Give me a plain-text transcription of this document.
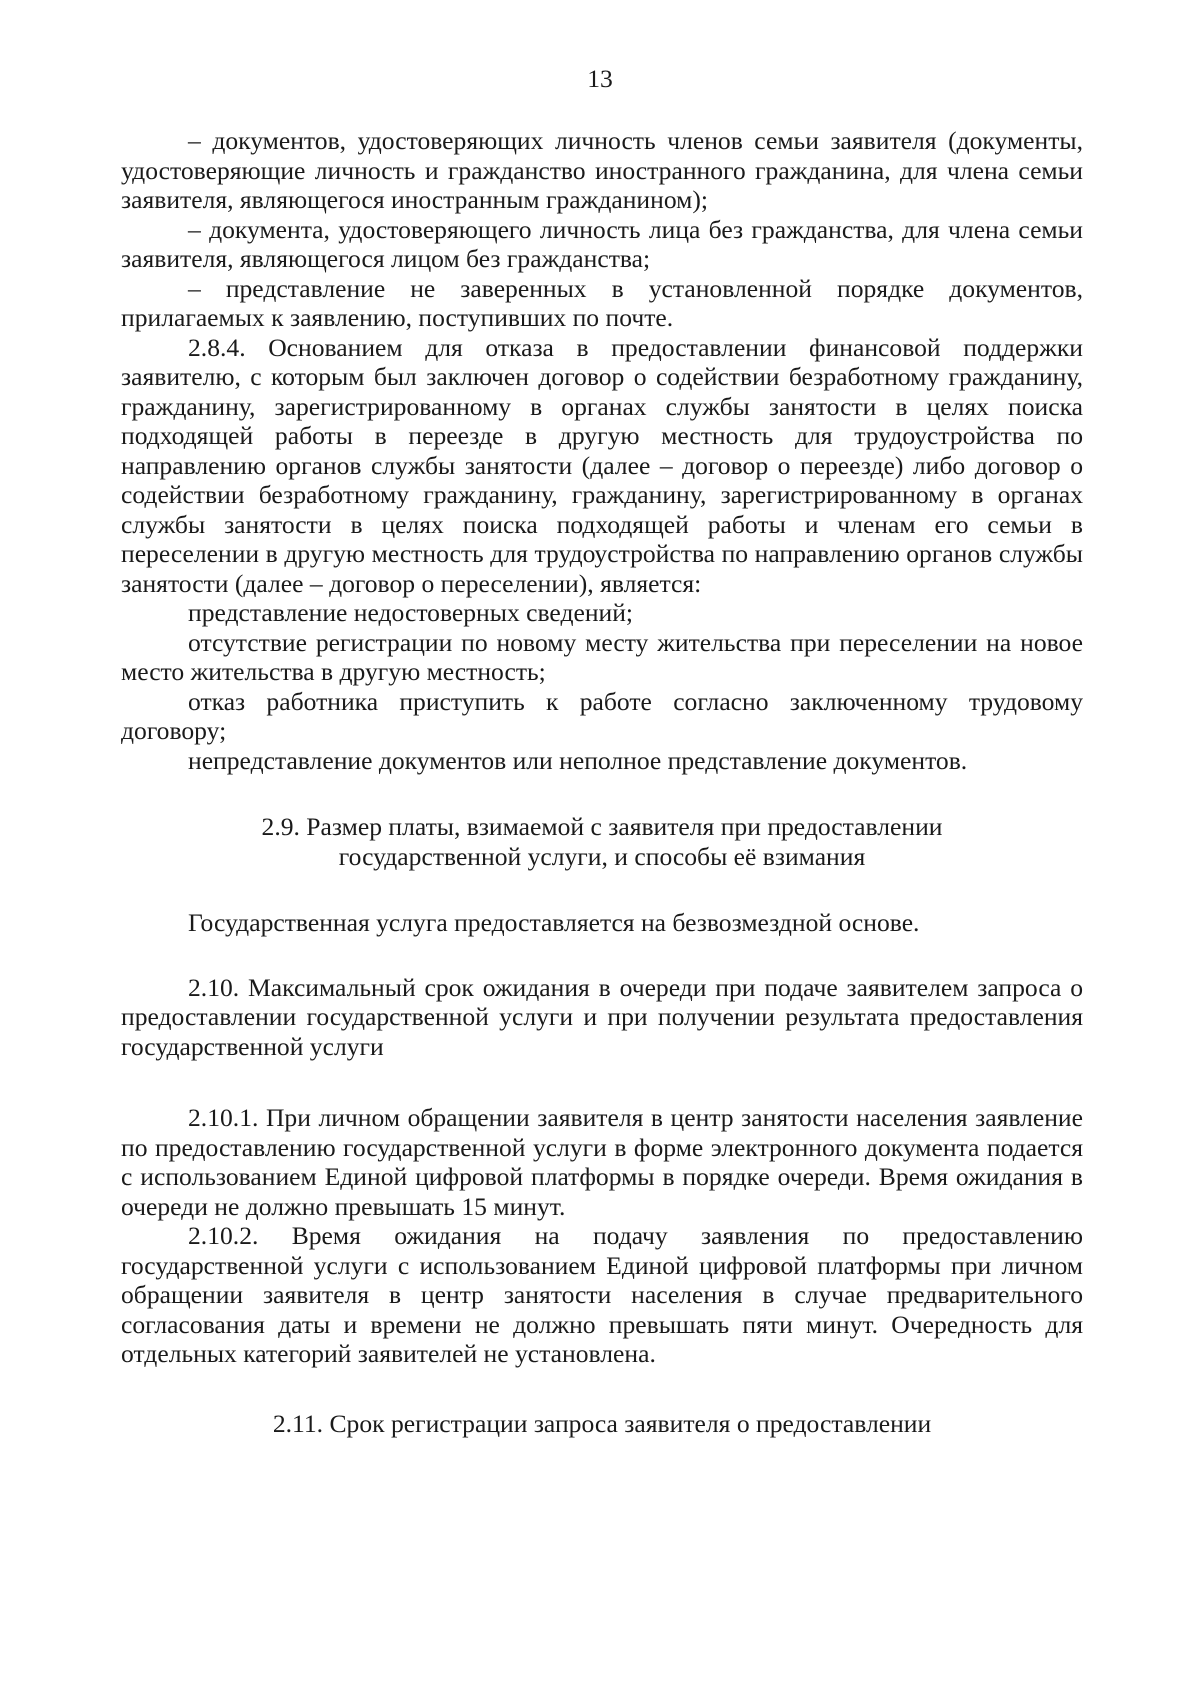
13

– документов, удостоверяющих личность членов семьи заявителя (документы, удостоверяющие личность и гражданство иностранного гражданина, для члена семьи заявителя, являющегося иностранным гражданином);

– документа, удостоверяющего личность лица без гражданства, для члена семьи заявителя, являющегося лицом без гражданства;

– представление не заверенных в установленной порядке документов, прилагаемых к заявлению, поступивших по почте.

2.8.4. Основанием для отказа в предоставлении финансовой поддержки заявителю, с которым был заключен договор о содействии безработному гражданину, гражданину, зарегистрированному в органах службы занятости в целях поиска подходящей работы в переезде в другую местность для трудоустройства по направлению органов службы занятости (далее – договор о переезде) либо договор о содействии безработному гражданину, гражданину, зарегистрированному в органах службы занятости в целях поиска подходящей работы и членам его семьи в переселении в другую местность для трудоустройства по направлению органов службы занятости (далее – договор о переселении), является:

представление недостоверных сведений;

отсутствие регистрации по новому месту жительства при переселении на новое место жительства в другую местность;

отказ работника приступить к работе согласно заключенному трудовому договору;

непредставление документов или неполное представление документов.

2.9. Размер платы, взимаемой с заявителя при предоставлении

государственной услуги, и способы её взимания

Государственная услуга предоставляется на безвозмездной основе.

2.10. Максимальный срок ожидания в очереди при подаче заявителем запроса о предоставлении государственной услуги и при получении результата предоставления государственной услуги

2.10.1. При личном обращении заявителя в центр занятости населения заявление по предоставлению государственной услуги в форме электронного документа подается с использованием Единой цифровой платформы в порядке очереди. Время ожидания в очереди не должно превышать 15 минут.

2.10.2. Время ожидания на подачу заявления по предоставлению государственной услуги с использованием Единой цифровой платформы при личном обращении заявителя в центр занятости населения в случае предварительного согласования даты и времени не должно превышать пяти минут. Очередность для отдельных категорий заявителей не установлена.

2.11. Срок регистрации запроса заявителя о предоставлении
